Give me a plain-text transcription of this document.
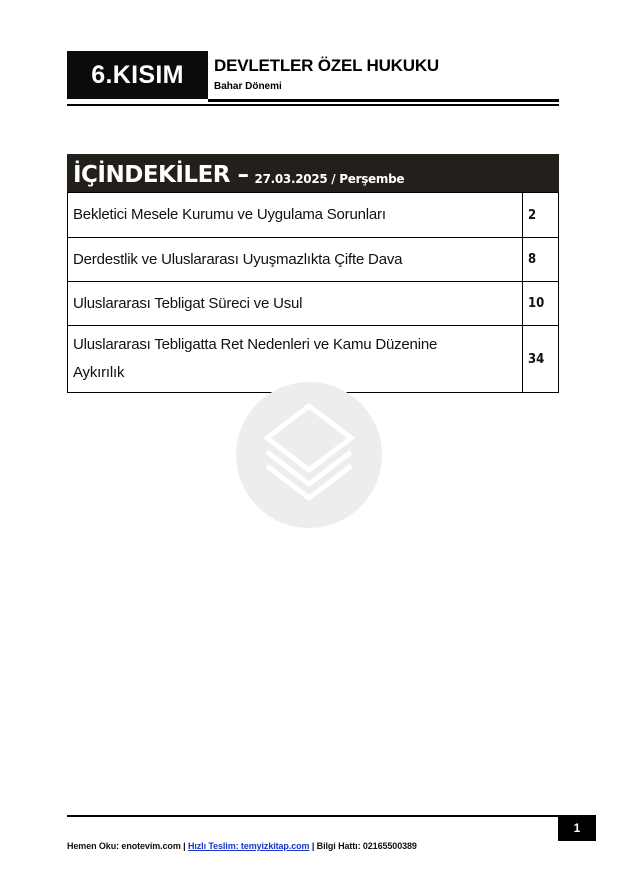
6.KISIM	DEVLETLER ÖZEL HUKUKU
Bahar Dönemi
İÇİNDEKİLER – 27.03.2025 / Perşembe
Bekletici Mesele Kurumu ve Uygulama Sorunları	2
Derdestlik ve Uluslararası Uyuşmazlıkta Çifte Dava	8
Uluslararası Tebligat Süreci ve Usul	10
Uluslararası Tebligatta Ret Nedenleri ve Kamu Düzenine Aykırılık	34
1
Hemen Oku: enotevim.com | Hızlı Teslim: temyizkitap.com | Bilgi Hattı: 02165500389
